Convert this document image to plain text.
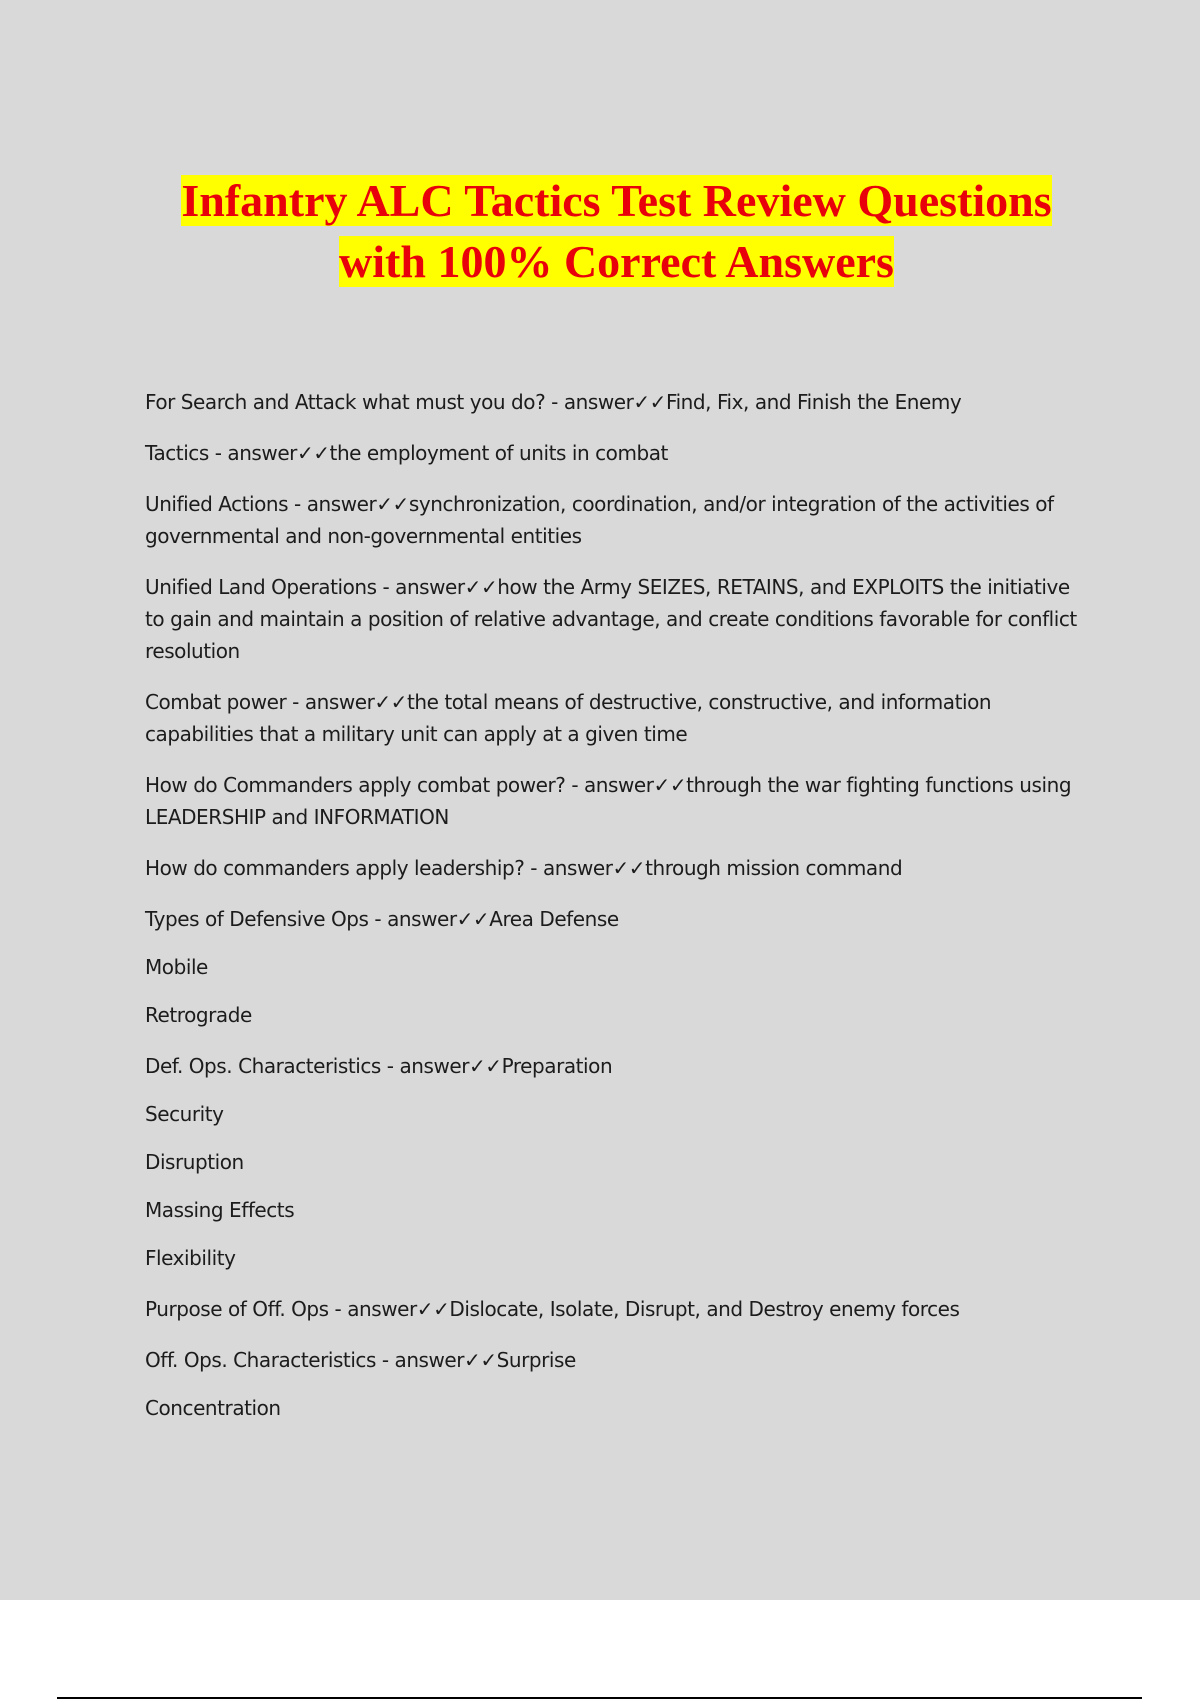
Infantry ALC Tactics Test Review Questions
with 100% Correct Answers

For Search and Attack what must you do? - answer✓✓Find, Fix, and Finish the Enemy

Tactics - answer✓✓the employment of units in combat

Unified Actions - answer✓✓synchronization, coordination, and/or integration of the activities of governmental and non-governmental entities

Unified Land Operations - answer✓✓how the Army SEIZES, RETAINS, and EXPLOITS the initiative to gain and maintain a position of relative advantage, and create conditions favorable for conflict resolution

Combat power - answer✓✓the total means of destructive, constructive, and information capabilities that a military unit can apply at a given time

How do Commanders apply combat power? - answer✓✓through the war fighting functions using LEADERSHIP and INFORMATION

How do commanders apply leadership? - answer✓✓through mission command

Types of Defensive Ops - answer✓✓Area Defense

Mobile

Retrograde

Def. Ops. Characteristics - answer✓✓Preparation

Security

Disruption

Massing Effects

Flexibility

Purpose of Off. Ops - answer✓✓Dislocate, Isolate, Disrupt, and Destroy enemy forces

Off. Ops. Characteristics - answer✓✓Surprise

Concentration
